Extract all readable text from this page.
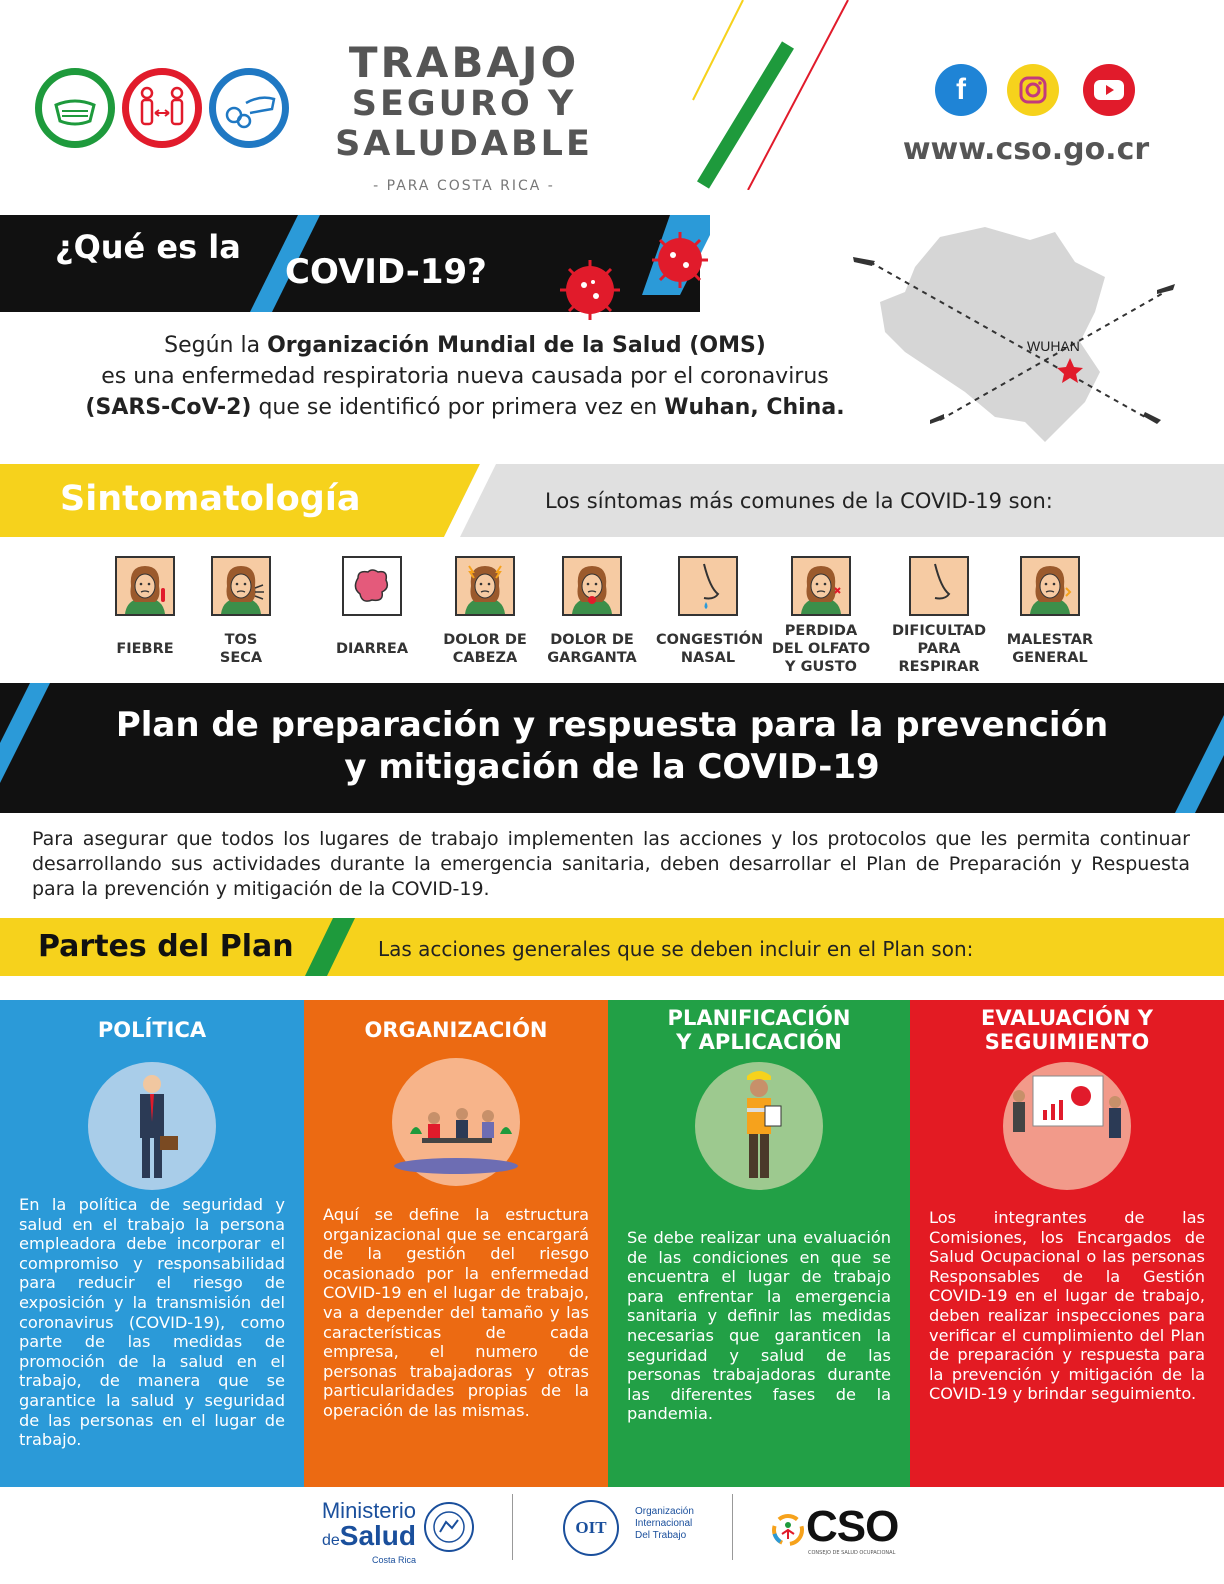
TRABAJO
SEGURO Y
SALUDABLE
- PARA COSTA RICA -
f
www.cso.go.cr
¿Qué es la
COVID-19?
Según la Organización Mundial de la Salud (OMS)
es una enfermedad respiratoria nueva causada por el coronavirus
(SARS-CoV-2) que se identificó por primera vez en Wuhan, China.
WUHAN
Sintomatología	Los síntomas más comunes de la COVID-19 son:
FIEBRE
TOS
SECA
DIARREA
DOLOR DE
CABEZA
DOLOR DE
GARGANTA
CONGESTIÓN
NASAL
PERDIDA
DEL OLFATO
Y GUSTO
DIFICULTAD
PARA
RESPIRAR
MALESTAR
GENERAL
Plan de preparación y respuesta para la prevención
y mitigación de la COVID-19
Para asegurar que todos los lugares de trabajo implementen las acciones y los protocolos que les permita continuar desarrollando sus actividades durante la emergencia sanitaria, deben desarrollar el Plan de Preparación y Respuesta para la prevención y mitigación de la COVID-19.
Partes del Plan	Las acciones generales que se deben incluir en el Plan son:
POLÍTICA
En la política de seguridad y salud en el trabajo la persona empleadora debe incorporar el compromiso y responsabilidad para reducir el riesgo de exposición y la transmisión del coronavirus (COVID-19), como parte de las medidas de promoción de la salud en el trabajo, de manera que se garantice la salud y seguridad de las personas en el lugar de trabajo.
ORGANIZACIÓN
Aquí se define la estructura organizacional que se encargará de la gestión del riesgo ocasionado por la enfermedad COVID-19 en el lugar de trabajo, va a depender del tamaño y las características de cada empresa, el numero de personas trabajadoras y otras particularidades propias de la operación de las mismas.
PLANIFICACIÓN
Y APLICACIÓN
Se debe realizar una evaluación de las condiciones en que se encuentra el lugar de trabajo para enfrentar la emergencia sanitaria y definir las medidas necesarias que garanticen la seguridad y salud de las personas trabajadoras durante las diferentes fases de la pandemia.
EVALUACIÓN Y
SEGUIMIENTO
Los integrantes de las Comisiones, los Encargados de Salud Ocupacional o las personas Responsables de la Gestión COVID-19 en el lugar de trabajo, deben realizar inspecciones para verificar el cumplimiento del Plan de preparación y respuesta para la prevención y mitigación de la COVID-19 y brindar seguimiento.
Ministerio
deSalud
Costa Rica
OIT
Organización
Internacional
Del Trabajo	CSO
CONSEJO DE SALUD OCUPACIONAL
